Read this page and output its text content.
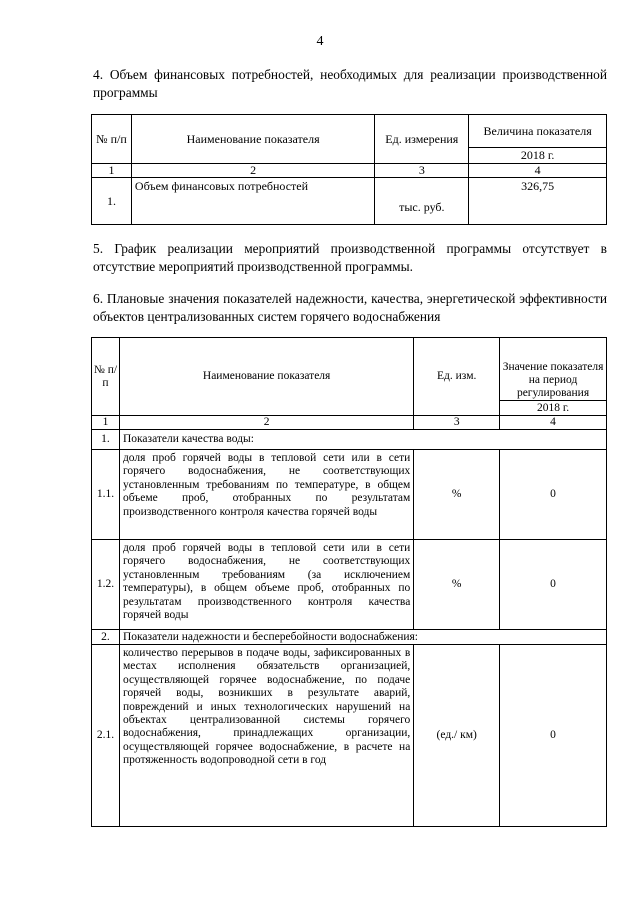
4
4. Объем финансовых потребностей, необходимых для реализации производственной программы
№ п/п	Наименование показателя	Ед. измерения	Величина показателя
			2018 г.
1	2	3	4
1.	Объем финансовых потребностей	тыс. руб.	326,75
5. График реализации мероприятий производственной программы отсутствует в отсутствие мероприятий производственной программы.
6. Плановые значения показателей надежности, качества, энергетической эффективности объектов централизованных систем горячего водоснабжения
№ п/п	Наименование показателя	Ед. изм.	Значение показателя на период регулирования
			2018 г.
1	2	3	4
1.	Показатели качества воды:		
1.1.	доля проб горячей воды в тепловой сети или в сети горячего водоснабжения, не соответствующих установленным требованиям по температуре, в общем объеме проб, отобранных по результатам производственного контроля качества горячей воды	%	0
1.2.	доля проб горячей воды в тепловой сети или в сети горячего водоснабжения, не соответствующих установленным требованиям (за исключением температуры), в общем объеме проб, отобранных по результатам производственного контроля качества горячей воды	%	0
2.	Показатели надежности и бесперебойности водоснабжения:		
2.1.	количество перерывов в подаче воды, зафиксированных в местах исполнения обязательств организацией, осуществляющей горячее водоснабжение, по подаче горячей воды, возникших в результате аварий, повреждений и иных технологических нарушений на объектах централизованной системы горячего водоснабжения, принадлежащих организации, осуществляющей горячее водоснабжение, в расчете на протяженность водопроводной сети в год	(ед./ км)	0
